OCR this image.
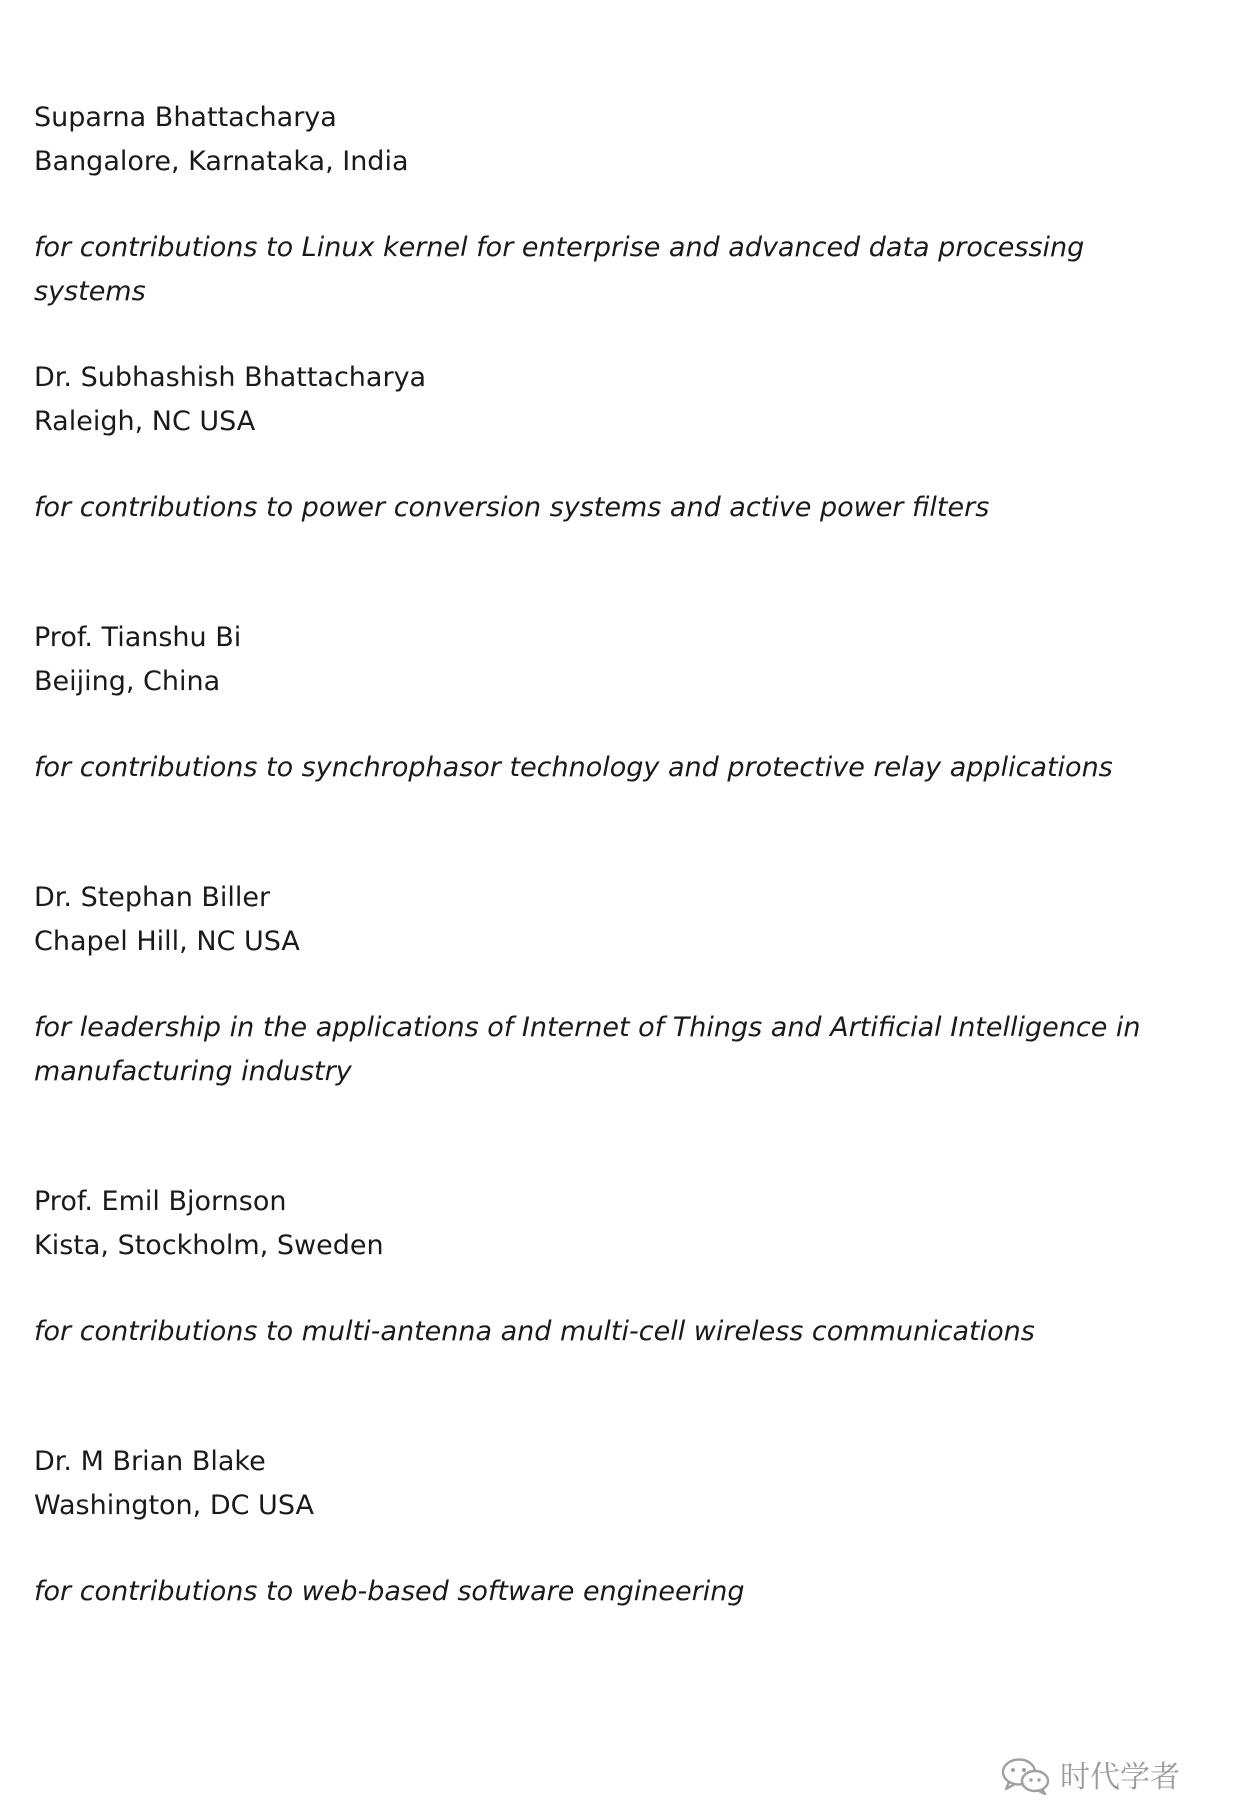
Suparna Bhattacharya
Bangalore, Karnataka, India
for contributions to Linux kernel for enterprise and advanced data processing systems
Dr. Subhashish Bhattacharya
Raleigh, NC USA
for contributions to power conversion systems and active power filters
Prof. Tianshu Bi
Beijing, China
for contributions to synchrophasor technology and protective relay applications
Dr. Stephan Biller
Chapel Hill, NC USA
for leadership in the applications of Internet of Things and Artificial Intelligence in manufacturing industry
Prof. Emil Bjornson
Kista, Stockholm, Sweden
for contributions to multi-antenna and multi-cell wireless communications
Dr. M Brian Blake
Washington, DC USA
for contributions to web-based software engineering
时代学者
